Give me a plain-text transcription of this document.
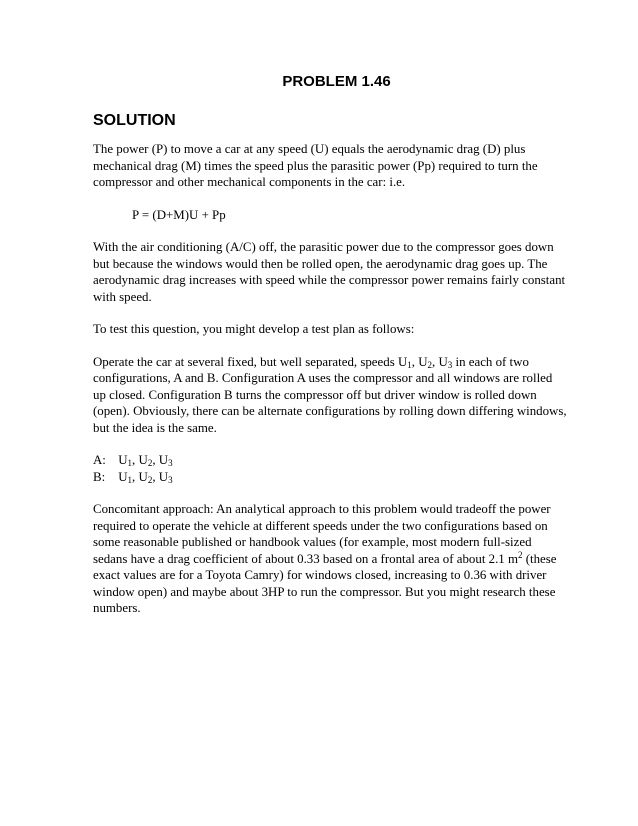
PROBLEM 1.46
SOLUTION

The power (P) to move a car at any speed (U) equals the aerodynamic drag (D) plus mechanical drag (M) times the speed plus the parasitic power (Pp) required to turn the compressor and other mechanical components in the car: i.e.

P = (D+M)U + Pp

With the air conditioning (A/C) off, the parasitic power due to the compressor goes down but because the windows would then be rolled open, the aerodynamic drag goes up. The aerodynamic drag increases with speed while the compressor power remains fairly constant with speed.

To test this question, you might develop a test plan as follows:

Operate the car at several fixed, but well separated, speeds $U_1$, $U_2$, $U_3$ in each of two configurations, A and B. Configuration A uses the compressor and all windows are rolled up closed. Configuration B turns the compressor off but driver window is rolled down (open). Obviously, there can be alternate configurations by rolling down differing windows, but the idea is the same.

A: $U_1$, $U_2$, $U_3$
B: $U_1$, $U_2$, $U_3$

Concomitant approach: An analytical approach to this problem would tradeoff the power required to operate the vehicle at different speeds under the two configurations based on some reasonable published or handbook values (for example, most modern full-sized sedans have a drag coefficient of about 0.33 based on a frontal area of about 2.1 $m^2$ (these exact values are for a Toyota Camry) for windows closed, increasing to 0.36 with driver window open) and maybe about 3HP to run the compressor. But you might research these numbers.
